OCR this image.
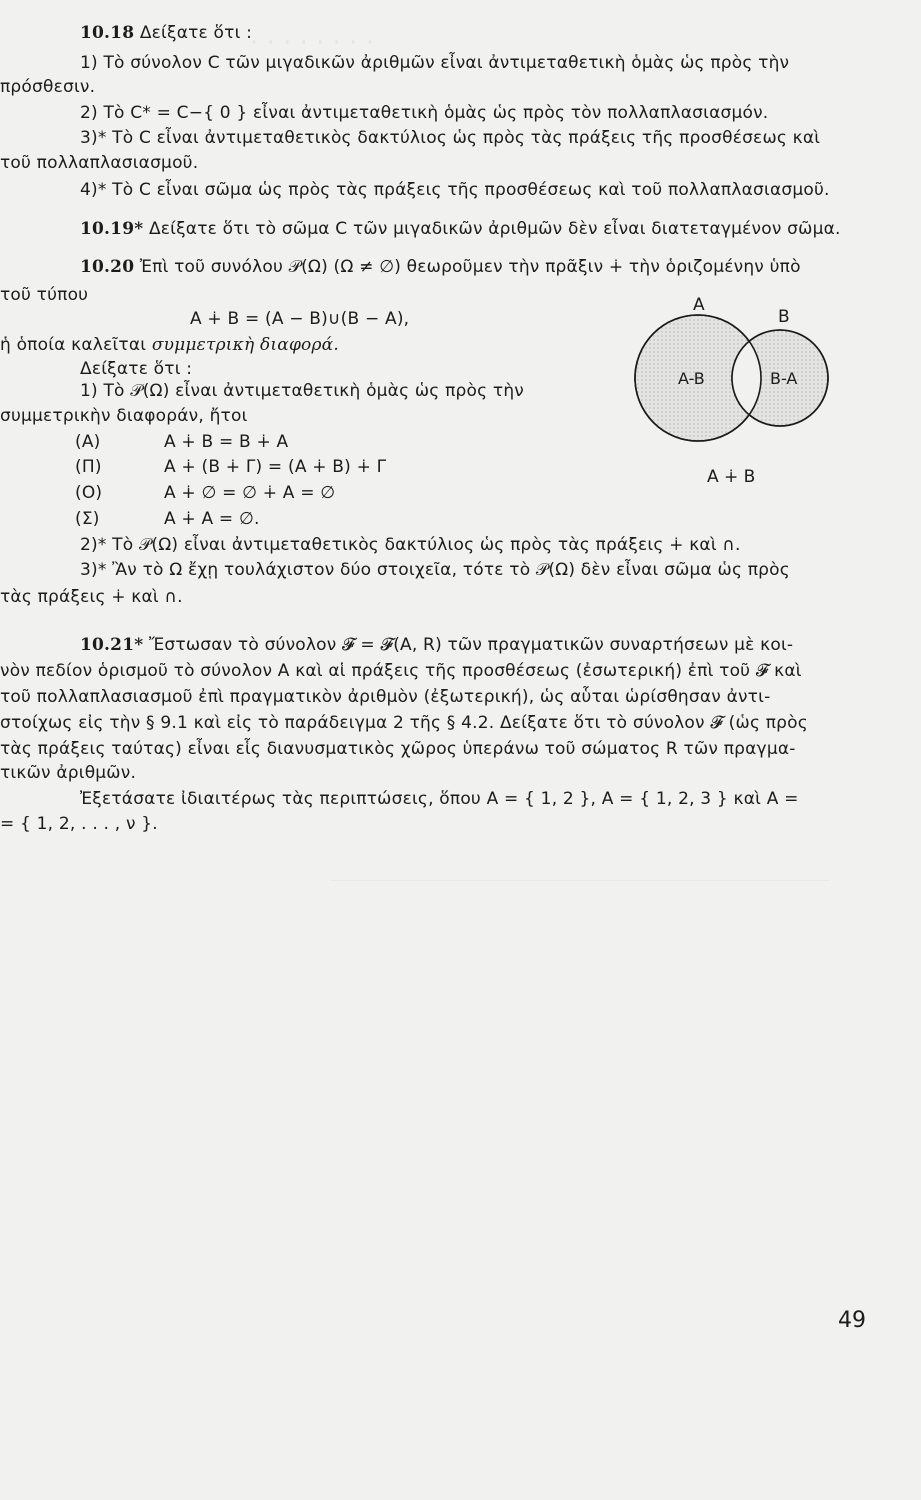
· · · · · · · ·
10.18 Δείξατε ὅτι :
1) Τὸ σύνολον C τῶν μιγαδικῶν ἀριθμῶν εἶναι ἀντιμεταθετικὴ ὁμὰς ὡς πρὸς τὴν
πρόσθεσιν.
2) Τὸ C* = C−{ 0 } εἶναι ἀντιμεταθετικὴ ὁμὰς ὡς πρὸς τὸν πολλαπλασιασμόν.
3)* Τὸ C εἶναι ἀντιμεταθετικὸς δακτύλιος ὡς πρὸς τὰς πράξεις τῆς προσθέσεως καὶ
τοῦ πολλαπλασιασμοῦ.
4)* Τὸ C εἶναι σῶμα ὡς πρὸς τὰς πράξεις τῆς προσθέσεως καὶ τοῦ πολλαπλασιασμοῦ.
10.19* Δείξατε ὅτι τὸ σῶμα C τῶν μιγαδικῶν ἀριθμῶν δὲν εἶναι διατεταγμένον σῶμα.
10.20 Ἐπὶ τοῦ συνόλου 𝒫(Ω) (Ω ≠ ∅) θεωροῦμεν τὴν πρᾶξιν ∔ τὴν ὁριζομένην ὑπὸ
τοῦ τύπου
A ∔ B = (A − B)∪(B − A),
ἡ ὁποία καλεῖται συμμετρικὴ διαφορά.
Δείξατε ὅτι :
1) Τὸ 𝒫(Ω) εἶναι ἀντιμεταθετικὴ ὁμὰς ὡς πρὸς τὴν
συμμετρικὴν διαφοράν, ἤτοι
(A)	A ∔ B = B ∔ A
(Π)	A ∔ (B ∔ Γ) = (A ∔ B) ∔ Γ
(O)	A ∔ ∅ = ∅ ∔ A = ∅
(Σ)	A ∔ A = ∅.
A
B
A-B	B-A
A ∔ B
2)* Τὸ 𝒫(Ω) εἶναι ἀντιμεταθετικὸς δακτύλιος ὡς πρὸς τὰς πράξεις ∔ καὶ ∩.
3)* Ἂν τὸ Ω ἔχῃ τουλάχιστον δύο στοιχεῖα, τότε τὸ 𝒫(Ω) δὲν εἶναι σῶμα ὡς πρὸς
τὰς πράξεις ∔ καὶ ∩.
10.21* Ἔστωσαν τὸ σύνολον 𝓕 = 𝓕(A, R) τῶν πραγματικῶν συναρτήσεων μὲ κοι-
νὸν πεδίον ὁρισμοῦ τὸ σύνολον A καὶ αἱ πράξεις τῆς προσθέσεως (ἐσωτερική) ἐπὶ τοῦ 𝓕 καὶ
τοῦ πολλαπλασιασμοῦ ἐπὶ πραγματικὸν ἀριθμὸν (ἐξωτερική), ὡς αὗται ὡρίσθησαν ἀντι-
στοίχως εἰς τὴν § 9.1 καὶ εἰς τὸ παράδειγμα 2 τῆς § 4.2. Δείξατε ὅτι τὸ σύνολον 𝓕 (ὡς πρὸς
τὰς πράξεις ταύτας) εἶναι εἷς διανυσματικὸς χῶρος ὑπεράνω τοῦ σώματος R τῶν πραγμα-
τικῶν ἀριθμῶν.
Ἐξετάσατε ἰδιαιτέρως τὰς περιπτώσεις, ὅπου A = { 1, 2 }, A = { 1, 2, 3 } καὶ A =
= { 1, 2, . . . , ν }.
49
